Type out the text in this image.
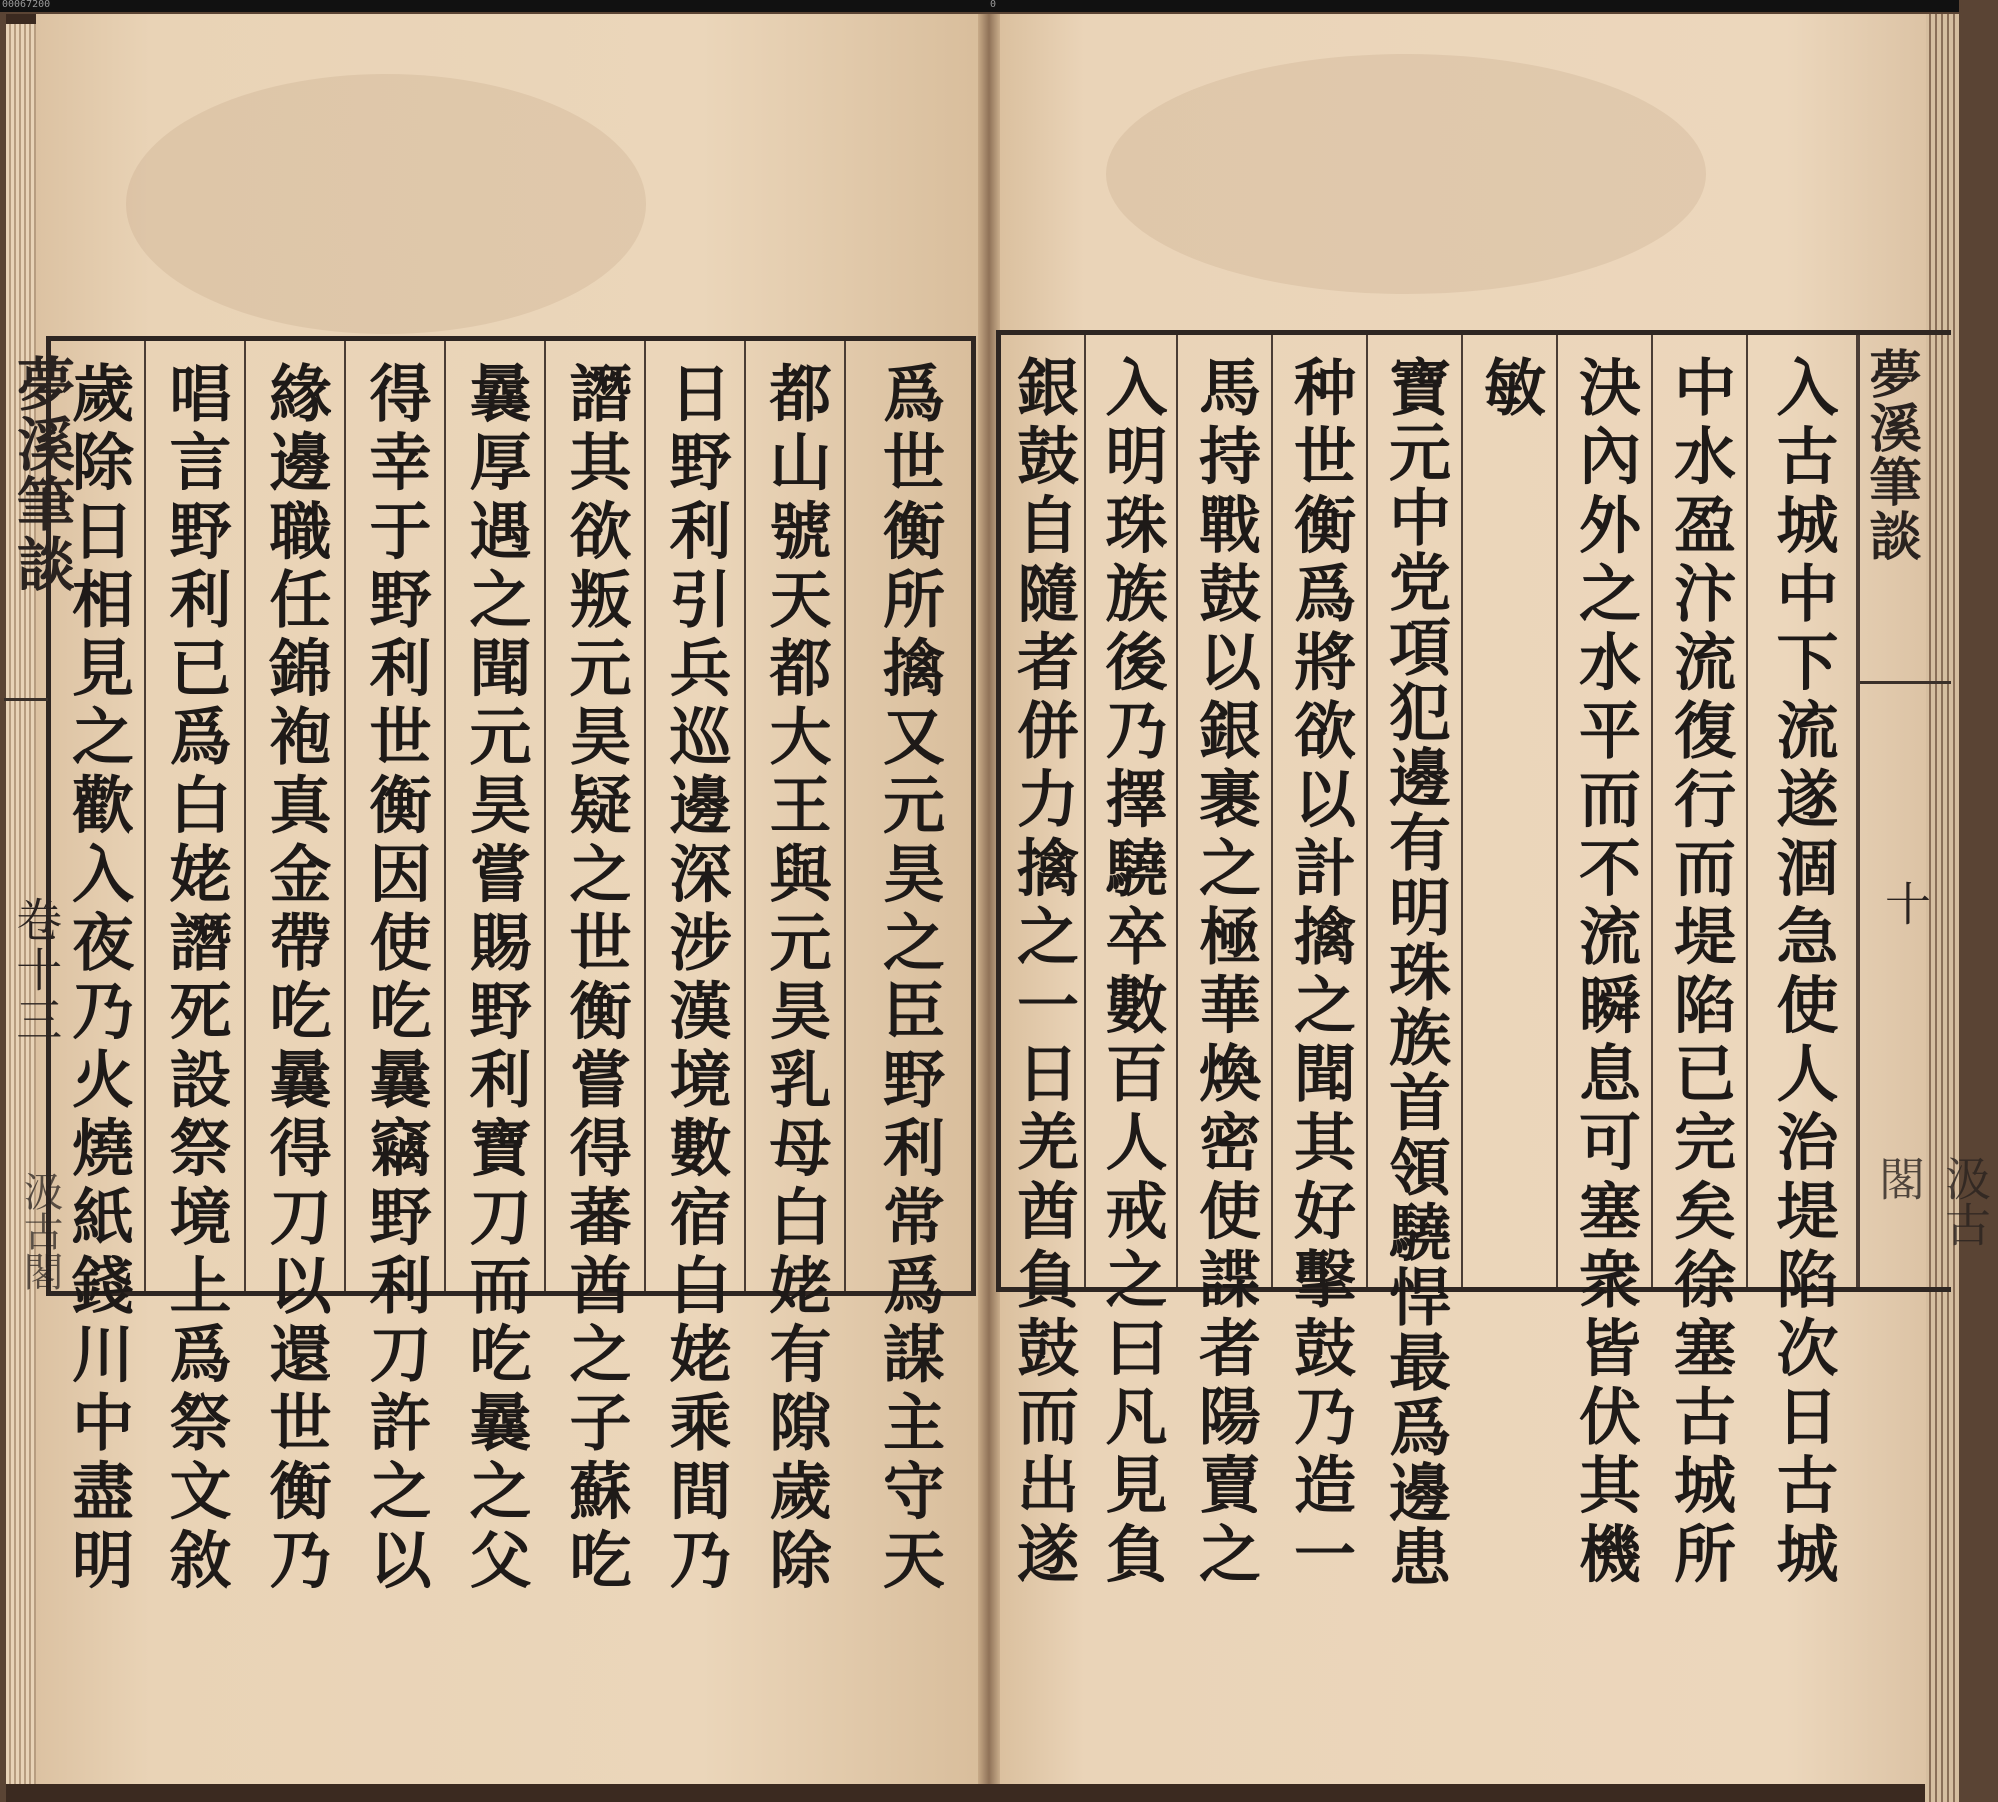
00067200	0
歲除日相見之歡入夜乃火燒紙錢川中盡明 唱言野利已爲白姥譖死設祭境上爲祭文敘 緣邊職任錦袍真金帶吃曩得刀以還世衡乃 得幸于野利世衡因使吃曩竊野利刀許之以 曩厚遇之聞元昊嘗賜野利寶刀而吃曩之父 譖其欲叛元昊疑之世衡嘗得蕃酋之子蘇吃 日野利引兵巡邊深涉漢境數宿白姥乘間乃 都山號天都大王與元昊乳母白姥有隙歲除 爲世衡所擒又元昊之臣野利常爲謀主守天
夢溪筆談
卷十三
汲古閣	銀鼓自隨者併力擒之一日羌酋負鼓而出遂 入明珠族後乃擇驍卒數百人戒之曰凡見負 馬持戰鼓以銀裹之極華煥密使諜者陽賣之 种世衡爲將欲以計擒之聞其好擊鼓乃造一 寶元中党項犯邊有明珠族首領驍悍最爲邊患 敏 決內外之水平而不流瞬息可塞衆皆伏其機 中水盈汴流復行而堤陷已完矣徐塞古城所 入古城中下流遂涸急使人治堤陷次日古城 夢溪筆談
十
汲古閣
